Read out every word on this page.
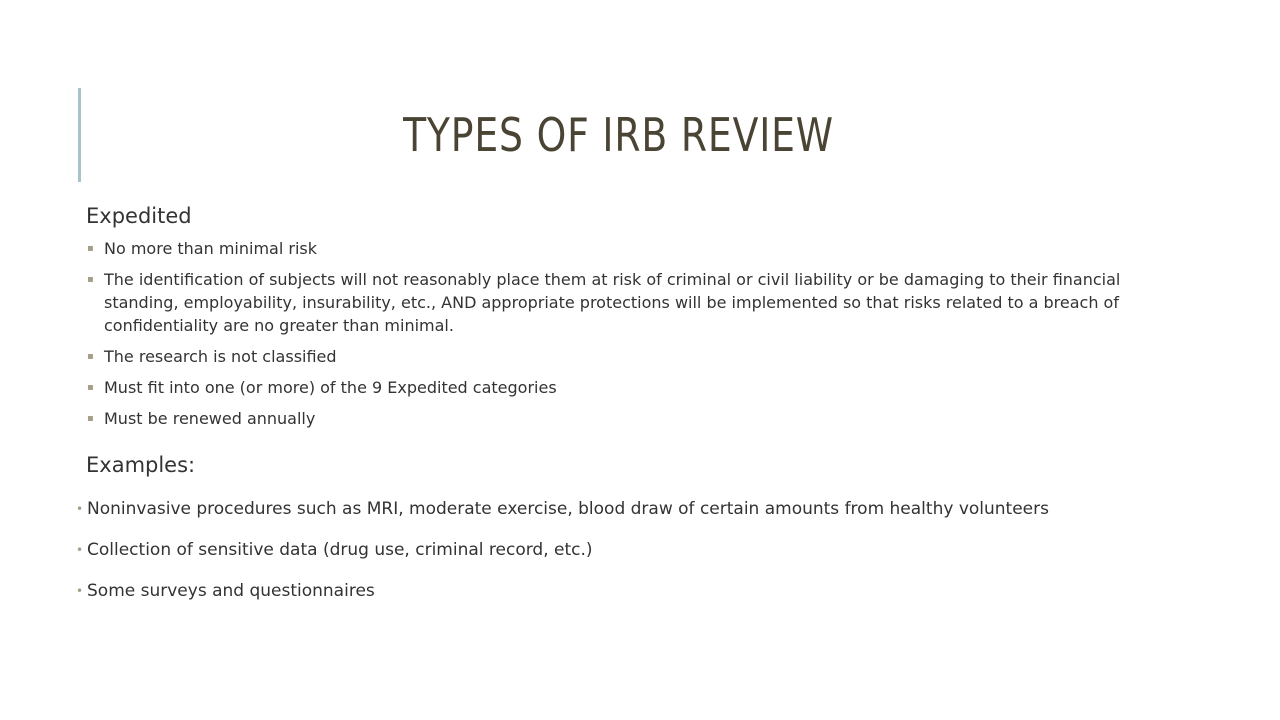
TYPES OF IRB REVIEW
Expedited
▪ No more than minimal risk
▪ The identification of subjects will not reasonably place them at risk of criminal or civil liability or be damaging to their financial standing, employability, insurability, etc., AND appropriate protections will be implemented so that risks related to a breach of confidentiality are no greater than minimal.
▪ The research is not classified
▪ Must fit into one (or more) of the 9 Expedited categories
▪ Must be renewed annually
Examples:
• Noninvasive procedures such as MRI, moderate exercise, blood draw of certain amounts from healthy volunteers
• Collection of sensitive data (drug use, criminal record, etc.)
• Some surveys and questionnaires
